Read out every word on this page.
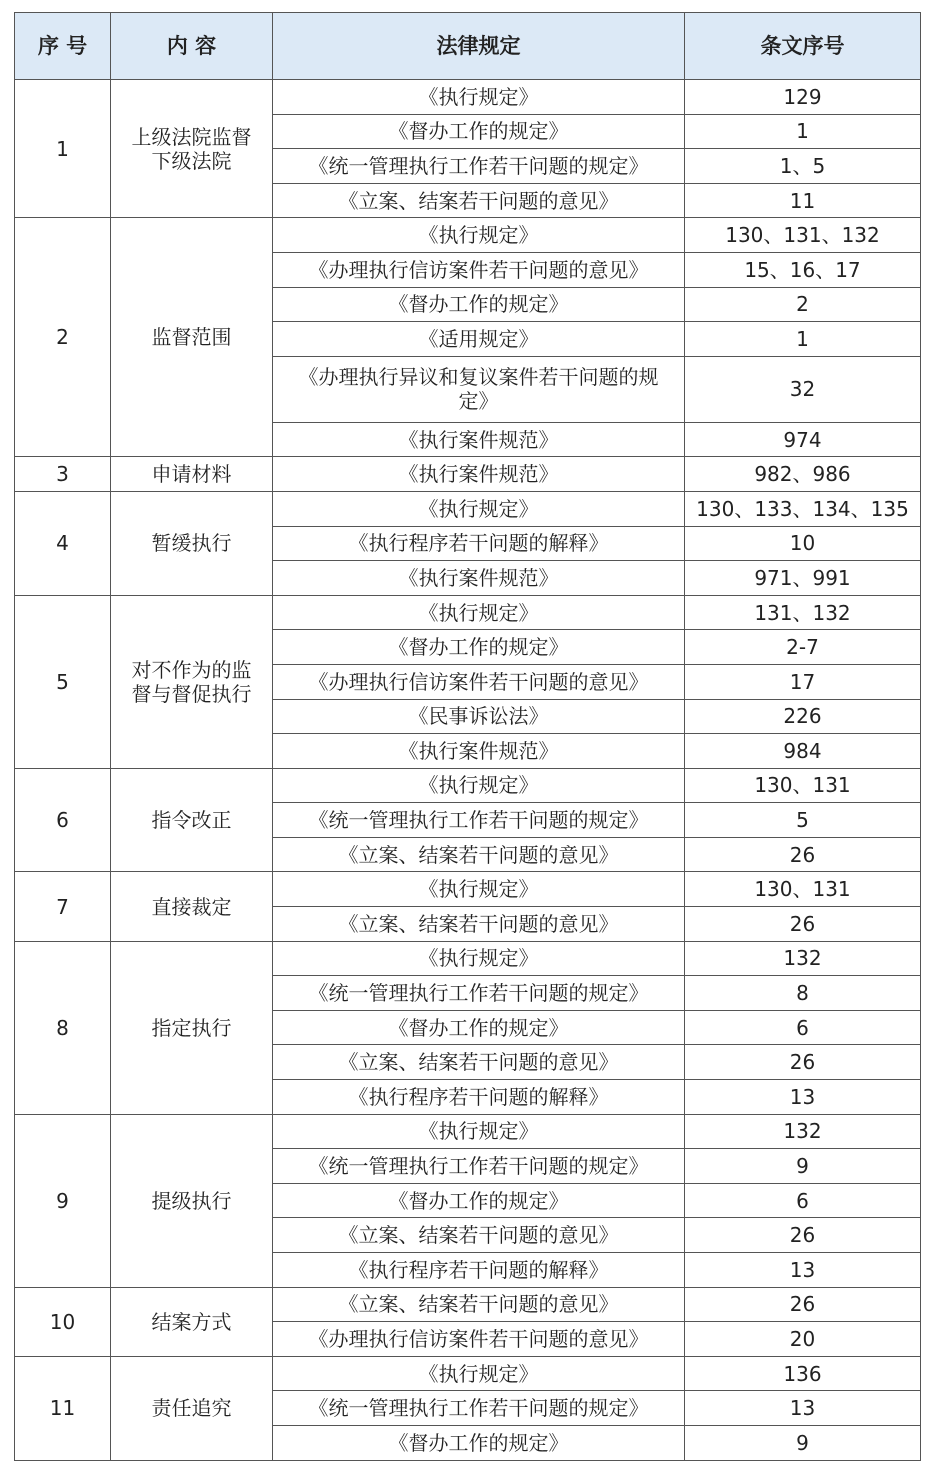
序 号	内 容	法律规定	条文序号
1	上级法院监督下级法院	《执行规定》	129
		《督办工作的规定》	1
		《统一管理执行工作若干问题的规定》	1、5
		《立案、结案若干问题的意见》	11
2	监督范围	《执行规定》	130、131、132
		《办理执行信访案件若干问题的意见》	15、16、17
		《督办工作的规定》	2
		《适用规定》	1
		《办理执行异议和复议案件若干问题的规定》	32
		《执行案件规范》	974
3	申请材料	《执行案件规范》	982、986
4	暂缓执行	《执行规定》	130、133、134、135
		《执行程序若干问题的解释》	10
		《执行案件规范》	971、991
5	对不作为的监督与督促执行	《执行规定》	131、132
		《督办工作的规定》	2-7
		《办理执行信访案件若干问题的意见》	17
		《民事诉讼法》	226
		《执行案件规范》	984
6	指令改正	《执行规定》	130、131
		《统一管理执行工作若干问题的规定》	5
		《立案、结案若干问题的意见》	26
7	直接裁定	《执行规定》	130、131
		《立案、结案若干问题的意见》	26
8	指定执行	《执行规定》	132
		《统一管理执行工作若干问题的规定》	8
		《督办工作的规定》	6
		《立案、结案若干问题的意见》	26
		《执行程序若干问题的解释》	13
9	提级执行	《执行规定》	132
		《统一管理执行工作若干问题的规定》	9
		《督办工作的规定》	6
		《立案、结案若干问题的意见》	26
		《执行程序若干问题的解释》	13
10	结案方式	《立案、结案若干问题的意见》	26
		《办理执行信访案件若干问题的意见》	20
11	责任追究	《执行规定》	136
		《统一管理执行工作若干问题的规定》	13
		《督办工作的规定》	9
